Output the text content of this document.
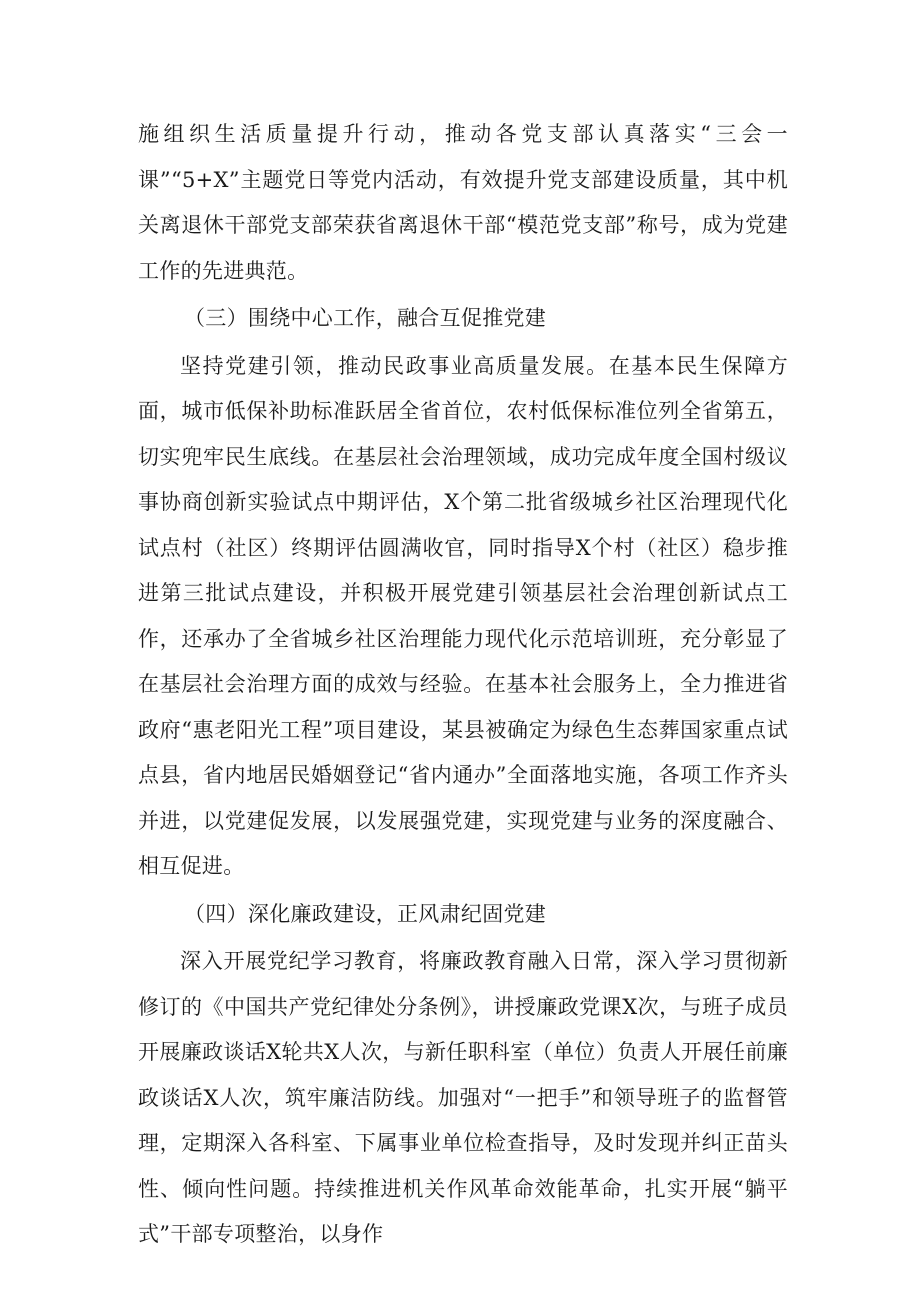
施组织生活质量提升行动，推动各党支部认真落实“三会一课”“5+X”主题党日等党内活动，有效提升党支部建设质量，其中机关离退休干部党支部荣获省离退休干部“模范党支部”称号，成为党建工作的先进典范。

（三）围绕中心工作，融合互促推党建

坚持党建引领，推动民政事业高质量发展。在基本民生保障方面，城市低保补助标准跃居全省首位，农村低保标准位列全省第五，切实兜牢民生底线。在基层社会治理领域，成功完成年度全国村级议事协商创新实验试点中期评估，X个第二批省级城乡社区治理现代化试点村（社区）终期评估圆满收官，同时指导X个村（社区）稳步推进第三批试点建设，并积极开展党建引领基层社会治理创新试点工作，还承办了全省城乡社区治理能力现代化示范培训班，充分彰显了在基层社会治理方面的成效与经验。在基本社会服务上，全力推进省政府“惠老阳光工程”项目建设，某县被确定为绿色生态葬国家重点试点县，省内地居民婚姻登记“省内通办”全面落地实施，各项工作齐头并进，以党建促发展，以发展强党建，实现党建与业务的深度融合、相互促进。

（四）深化廉政建设，正风肃纪固党建

深入开展党纪学习教育，将廉政教育融入日常，深入学习贯彻新修订的《中国共产党纪律处分条例》，讲授廉政党课X次，与班子成员开展廉政谈话X轮共X人次，与新任职科室（单位）负责人开展任前廉政谈话X人次，筑牢廉洁防线。加强对“一把手”和领导班子的监督管理，定期深入各科室、下属事业单位检查指导，及时发现并纠正苗头性、倾向性问题。持续推进机关作风革命效能革命，扎实开展“躺平式”干部专项整治，以身作
